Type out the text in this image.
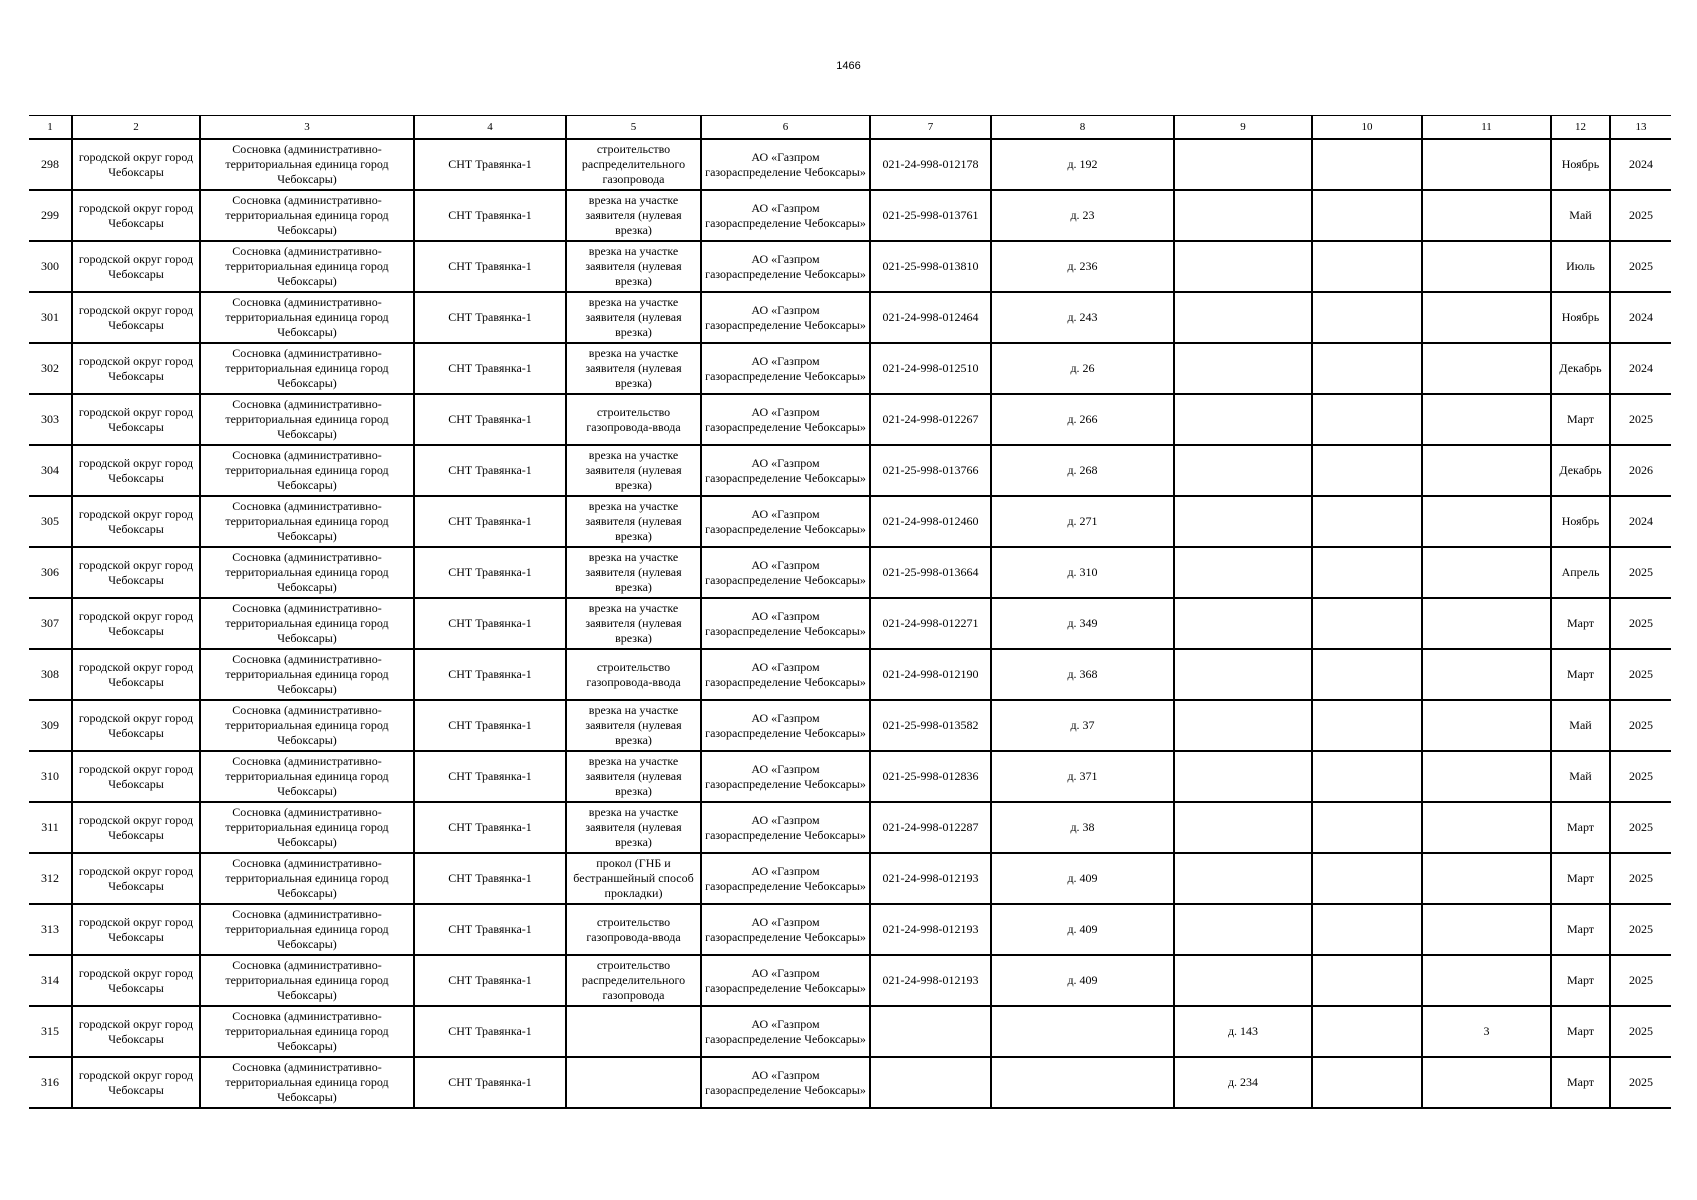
1466
1	2	3	4	5	6	7	8	9	10	11	12	13
298	городской округ город Чебоксары	Сосновка (административно-территориальная единица город Чебоксары)	СНТ Травянка-1	строительство распределительного газопровода	АО «Газпром газораспределение Чебоксары»	021-24-998-012178	д. 192				Ноябрь	2024
299	городской округ город Чебоксары	Сосновка (административно-территориальная единица город Чебоксары)	СНТ Травянка-1	врезка на участке заявителя (нулевая врезка)	АО «Газпром газораспределение Чебоксары»	021-25-998-013761	д. 23				Май	2025
300	городской округ город Чебоксары	Сосновка (административно-территориальная единица город Чебоксары)	СНТ Травянка-1	врезка на участке заявителя (нулевая врезка)	АО «Газпром газораспределение Чебоксары»	021-25-998-013810	д. 236				Июль	2025
301	городской округ город Чебоксары	Сосновка (административно-территориальная единица город Чебоксары)	СНТ Травянка-1	врезка на участке заявителя (нулевая врезка)	АО «Газпром газораспределение Чебоксары»	021-24-998-012464	д. 243				Ноябрь	2024
302	городской округ город Чебоксары	Сосновка (административно-территориальная единица город Чебоксары)	СНТ Травянка-1	врезка на участке заявителя (нулевая врезка)	АО «Газпром газораспределение Чебоксары»	021-24-998-012510	д. 26				Декабрь	2024
303	городской округ город Чебоксары	Сосновка (административно-территориальная единица город Чебоксары)	СНТ Травянка-1	строительство газопровода-ввода	АО «Газпром газораспределение Чебоксары»	021-24-998-012267	д. 266				Март	2025
304	городской округ город Чебоксары	Сосновка (административно-территориальная единица город Чебоксары)	СНТ Травянка-1	врезка на участке заявителя (нулевая врезка)	АО «Газпром газораспределение Чебоксары»	021-25-998-013766	д. 268				Декабрь	2026
305	городской округ город Чебоксары	Сосновка (административно-территориальная единица город Чебоксары)	СНТ Травянка-1	врезка на участке заявителя (нулевая врезка)	АО «Газпром газораспределение Чебоксары»	021-24-998-012460	д. 271				Ноябрь	2024
306	городской округ город Чебоксары	Сосновка (административно-территориальная единица город Чебоксары)	СНТ Травянка-1	врезка на участке заявителя (нулевая врезка)	АО «Газпром газораспределение Чебоксары»	021-25-998-013664	д. 310				Апрель	2025
307	городской округ город Чебоксары	Сосновка (административно-территориальная единица город Чебоксары)	СНТ Травянка-1	врезка на участке заявителя (нулевая врезка)	АО «Газпром газораспределение Чебоксары»	021-24-998-012271	д. 349				Март	2025
308	городской округ город Чебоксары	Сосновка (административно-территориальная единица город Чебоксары)	СНТ Травянка-1	строительство газопровода-ввода	АО «Газпром газораспределение Чебоксары»	021-24-998-012190	д. 368				Март	2025
309	городской округ город Чебоксары	Сосновка (административно-территориальная единица город Чебоксары)	СНТ Травянка-1	врезка на участке заявителя (нулевая врезка)	АО «Газпром газораспределение Чебоксары»	021-25-998-013582	д. 37				Май	2025
310	городской округ город Чебоксары	Сосновка (административно-территориальная единица город Чебоксары)	СНТ Травянка-1	врезка на участке заявителя (нулевая врезка)	АО «Газпром газораспределение Чебоксары»	021-25-998-012836	д. 371				Май	2025
311	городской округ город Чебоксары	Сосновка (административно-территориальная единица город Чебоксары)	СНТ Травянка-1	врезка на участке заявителя (нулевая врезка)	АО «Газпром газораспределение Чебоксары»	021-24-998-012287	д. 38				Март	2025
312	городской округ город Чебоксары	Сосновка (административно-территориальная единица город Чебоксары)	СНТ Травянка-1	прокол (ГНБ и бестраншейный способ прокладки)	АО «Газпром газораспределение Чебоксары»	021-24-998-012193	д. 409				Март	2025
313	городской округ город Чебоксары	Сосновка (административно-территориальная единица город Чебоксары)	СНТ Травянка-1	строительство газопровода-ввода	АО «Газпром газораспределение Чебоксары»	021-24-998-012193	д. 409				Март	2025
314	городской округ город Чебоксары	Сосновка (административно-территориальная единица город Чебоксары)	СНТ Травянка-1	строительство распределительного газопровода	АО «Газпром газораспределение Чебоксары»	021-24-998-012193	д. 409				Март	2025
315	городской округ город Чебоксары	Сосновка (административно-территориальная единица город Чебоксары)	СНТ Травянка-1		АО «Газпром газораспределение Чебоксары»			д. 143		3	Март	2025
316	городской округ город Чебоксары	Сосновка (административно-территориальная единица город Чебоксары)	СНТ Травянка-1		АО «Газпром газораспределение Чебоксары»			д. 234			Март	2025
